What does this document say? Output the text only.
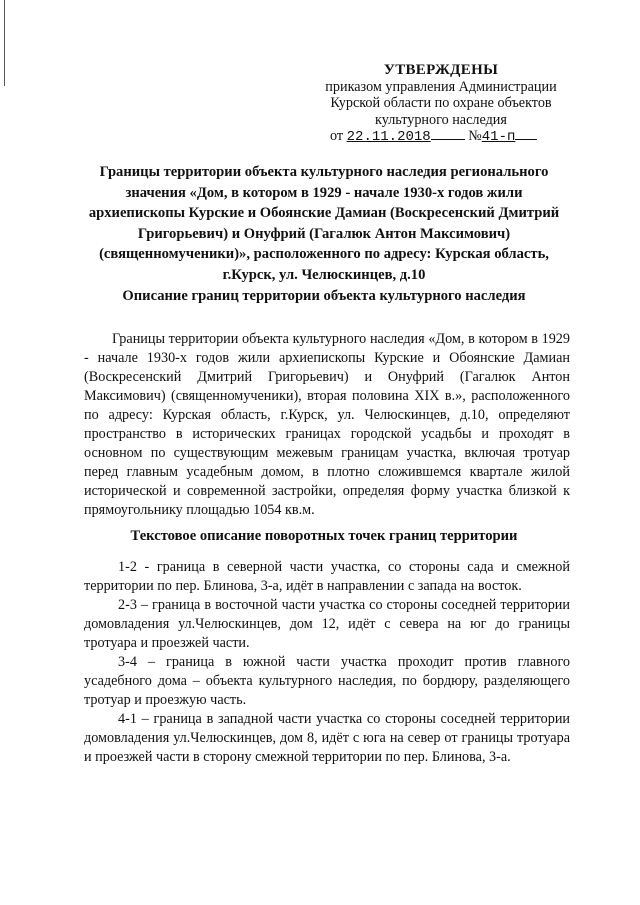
УТВЕРЖДЕНЫ
приказом управления Администрации
Курской области по охране объектов
культурного наследия
от 22.11.2018	№41-п
Границы территории объекта культурного наследия регионального
значения «Дом, в котором в 1929 - начале 1930-х годов жили
архиепископы Курские и Обоянские Дамиан (Воскресенский Дмитрий
Григорьевич) и Онуфрий (Гагалюк Антон Максимович)
(священномученики)», расположенного по адресу: Курская область,
г.Курск, ул. Челюскинцев, д.10
Описание границ территории объекта культурного наследия

Границы территории объекта культурного наследия «Дом, в котором в 1929 - начале 1930-х годов жили архиепископы Курские и Обоянские Дамиан (Воскресенский Дмитрий Григорьевич) и Онуфрий (Гагалюк Антон Максимович) (священномученики), вторая половина XIX в.», расположенного по адресу: Курская область, г.Курск, ул. Челюскинцев, д.10, определяют пространство в исторических границах городской усадьбы и проходят в основном по существующим межевым границам участка, включая тротуар перед главным усадебным домом, в плотно сложившемся квартале жилой исторической и современной застройки, определяя форму участка близкой к прямоугольнику площадью 1054 кв.м.

Текстовое описание поворотных точек границ территории

1-2 - граница в северной части участка, со стороны сада и смежной территории по пер. Блинова, 3-а, идёт в направлении с запада на восток.

2-3 – граница в восточной части участка со стороны соседней территории домовладения ул.Челюскинцев, дом 12, идёт с севера на юг до границы тротуара и проезжей части.

3-4 – граница в южной части участка проходит против главного усадебного дома – объекта культурного наследия, по бордюру, разделяющего тротуар и проезжую часть.

4-1 – граница в западной части участка со стороны соседней территории домовладения ул.Челюскинцев, дом 8, идёт с юга на север от границы тротуара и проезжей части в сторону смежной территории по пер. Блинова, 3-а.
